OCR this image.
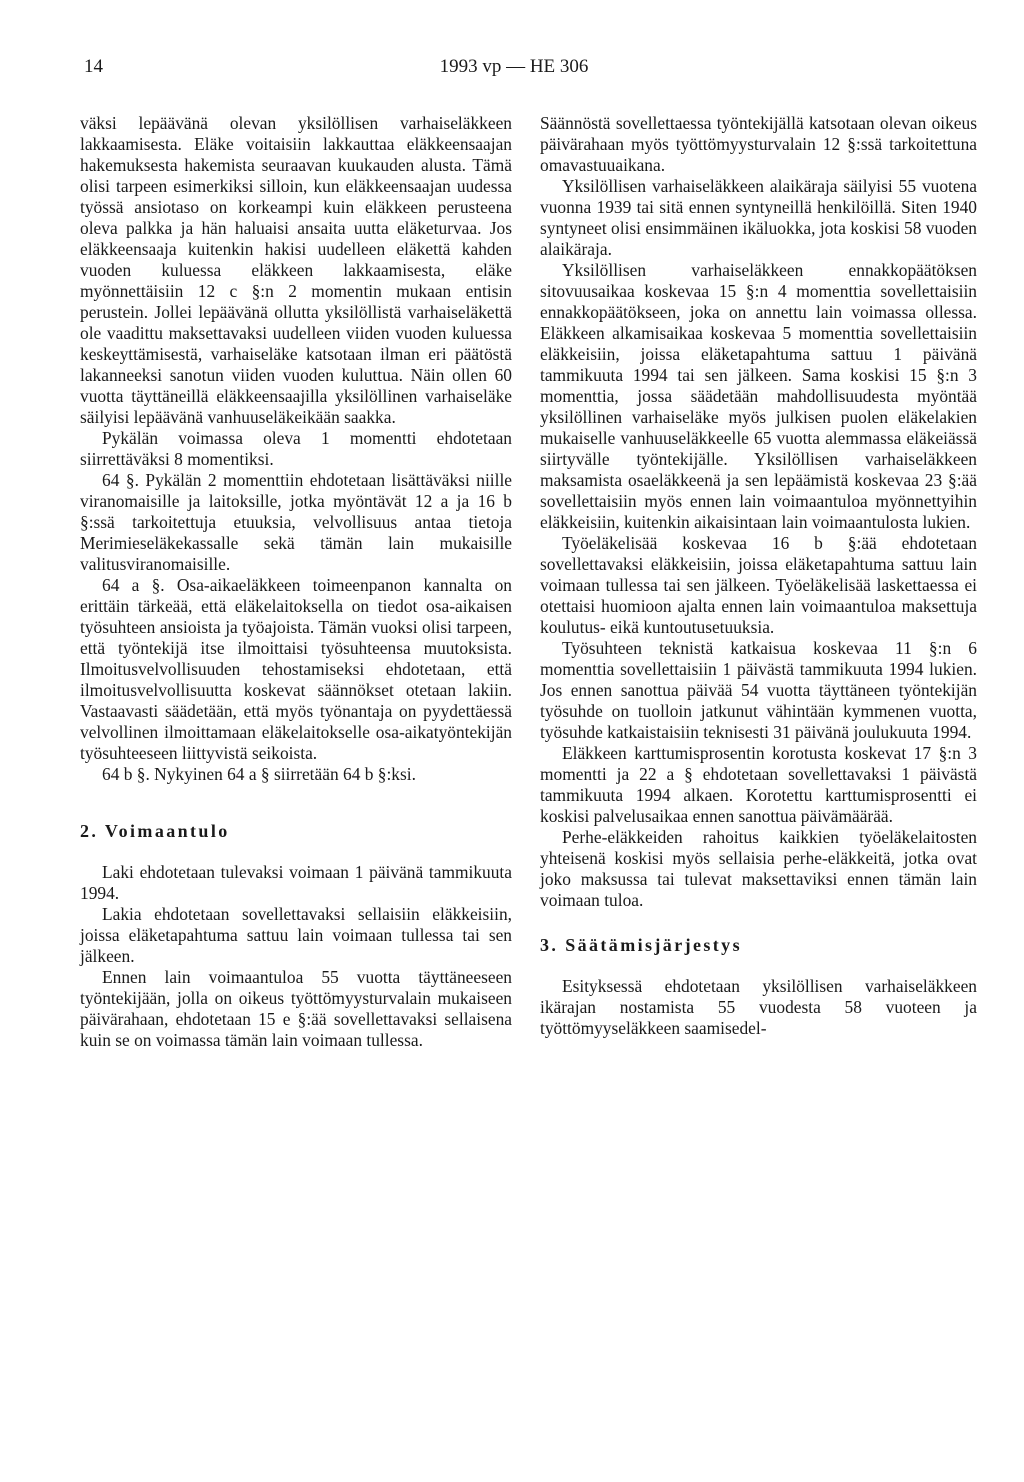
14	1993 vp — HE 306

väksi lepäävänä olevan yksilöllisen varhaiseläkkeen lakkaamisesta. Eläke voitaisiin lakkauttaa eläkkeensaajan hakemuksesta hakemista seuraavan kuukauden alusta. Tämä olisi tarpeen esimerkiksi silloin, kun eläkkeensaajan uudessa työssä ansiotaso on korkeampi kuin eläkkeen perusteena oleva palkka ja hän haluaisi ansaita uutta eläketurvaa. Jos eläkkeensaaja kuitenkin hakisi uudelleen eläkettä kahden vuoden kuluessa eläkkeen lakkaamisesta, eläke myönnettäisiin 12 c §:n 2 momentin mukaan entisin perustein. Jollei lepäävänä ollutta yksilöllistä varhaiseläkettä ole vaadittu maksettavaksi uudelleen viiden vuoden kuluessa keskeyttämisestä, varhaiseläke katsotaan ilman eri päätöstä lakanneeksi sanotun viiden vuoden kuluttua. Näin ollen 60 vuotta täyttäneillä eläkkeensaajilla yksilöllinen varhaiseläke säilyisi lepäävänä vanhuuseläkeikään saakka.

Pykälän voimassa oleva 1 momentti ehdotetaan siirrettäväksi 8 momentiksi.

64 §. Pykälän 2 momenttiin ehdotetaan lisättäväksi niille viranomaisille ja laitoksille, jotka myöntävät 12 a ja 16 b §:ssä tarkoitettuja etuuksia, velvollisuus antaa tietoja Merimieseläkekassalle sekä tämän lain mukaisille valitusviranomaisille.

64 a §. Osa-aikaeläkkeen toimeenpanon kannalta on erittäin tärkeää, että eläkelaitoksella on tiedot osa-aikaisen työsuhteen ansioista ja työajoista. Tämän vuoksi olisi tarpeen, että työntekijä itse ilmoittaisi työsuhteensa muutoksista. Ilmoitusvelvollisuuden tehostamiseksi ehdotetaan, että ilmoitusvelvollisuutta koskevat säännökset otetaan lakiin. Vastaavasti säädetään, että myös työnantaja on pyydettäessä velvollinen ilmoittamaan eläkelaitokselle osa-aikatyöntekijän työsuhteeseen liittyvistä seikoista.

64 b §. Nykyinen 64 a § siirretään 64 b §:ksi.

2. Voimaantulo

Laki ehdotetaan tulevaksi voimaan 1 päivänä tammikuuta 1994.

Lakia ehdotetaan sovellettavaksi sellaisiin eläkkeisiin, joissa eläketapahtuma sattuu lain voimaan tullessa tai sen jälkeen.

Ennen lain voimaantuloa 55 vuotta täyttäneeseen työntekijään, jolla on oikeus työttömyysturvalain mukaiseen päivärahaan, ehdotetaan 15 e §:ää sovellettavaksi sellaisena kuin se on voimassa tämän lain voimaan tullessa.

Säännöstä sovellettaessa työntekijällä katsotaan olevan oikeus päivärahaan myös työttömyysturvalain 12 §:ssä tarkoitettuna omavastuuaikana.

Yksilöllisen varhaiseläkkeen alaikäraja säilyisi 55 vuotena vuonna 1939 tai sitä ennen syntyneillä henkilöillä. Siten 1940 syntyneet olisi ensimmäinen ikäluokka, jota koskisi 58 vuoden alaikäraja.

Yksilöllisen varhaiseläkkeen ennakkopäätöksen sitovuusaikaa koskevaa 15 §:n 4 momenttia sovellettaisiin ennakkopäätökseen, joka on annettu lain voimassa ollessa. Eläkkeen alkamisaikaa koskevaa 5 momenttia sovellettaisiin eläkkeisiin, joissa eläketapahtuma sattuu 1 päivänä tammikuuta 1994 tai sen jälkeen. Sama koskisi 15 §:n 3 momenttia, jossa säädetään mahdollisuudesta myöntää yksilöllinen varhaiseläke myös julkisen puolen eläkelakien mukaiselle vanhuuseläkkeelle 65 vuotta alemmassa eläkeiässä siirtyvälle työntekijälle. Yksilöllisen varhaiseläkkeen maksamista osaeläkkeenä ja sen lepäämistä koskevaa 23 §:ää sovellettaisiin myös ennen lain voimaantuloa myönnettyihin eläkkeisiin, kuitenkin aikaisintaan lain voimaantulosta lukien.

Työeläkelisää koskevaa 16 b §:ää ehdotetaan sovellettavaksi eläkkeisiin, joissa eläketapahtuma sattuu lain voimaan tullessa tai sen jälkeen. Työeläkelisää laskettaessa ei otettaisi huomioon ajalta ennen lain voimaantuloa maksettuja koulutus- eikä kuntoutusetuuksia.

Työsuhteen teknistä katkaisua koskevaa 11 §:n 6 momenttia sovellettaisiin 1 päivästä tammikuuta 1994 lukien. Jos ennen sanottua päivää 54 vuotta täyttäneen työntekijän työsuhde on tuolloin jatkunut vähintään kymmenen vuotta, työsuhde katkaistaisiin teknisesti 31 päivänä joulukuuta 1994.

Eläkkeen karttumisprosentin korotusta koskevat 17 §:n 3 momentti ja 22 a § ehdotetaan sovellettavaksi 1 päivästä tammikuuta 1994 alkaen. Korotettu karttumisprosentti ei koskisi palvelusaikaa ennen sanottua päivämäärää.

Perhe-eläkkeiden rahoitus kaikkien työeläkelaitosten yhteisenä koskisi myös sellaisia perhe-eläkkeitä, jotka ovat joko maksussa tai tulevat maksettaviksi ennen tämän lain voimaan tuloa.

3. Säätämisjärjestys

Esityksessä ehdotetaan yksilöllisen varhaiseläkkeen ikärajan nostamista 55 vuodesta 58 vuoteen ja työttömyyseläkkeen saamisedel-
